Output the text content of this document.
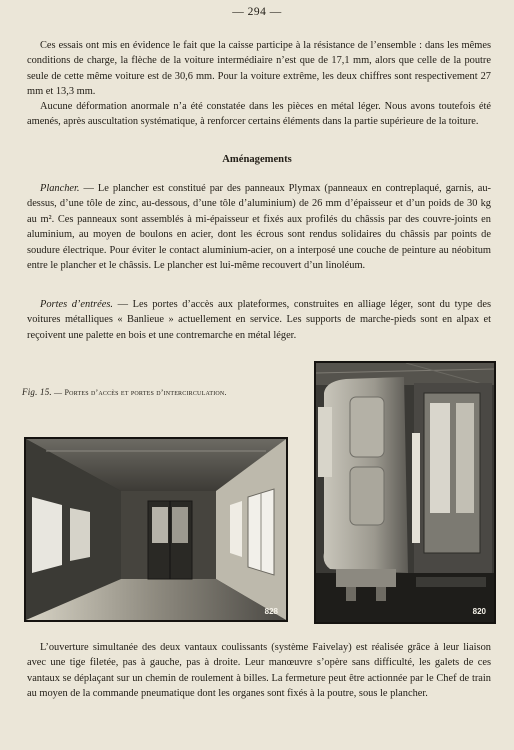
— 294 —

Ces essais ont mis en évidence le fait que la caisse participe à la résistance de l’ensemble : dans les mêmes conditions de charge, la flèche de la voiture intermédiaire n’est que de 17,1 mm, alors que celle de la poutre seule de cette même voiture est de 30,6 mm. Pour la voiture extrême, les deux chiffres sont respectivement 27 mm et 13,3 mm.

Aucune déformation anormale n’a été constatée dans les pièces en métal léger. Nous avons toutefois été amenés, après auscultation systématique, à renforcer certains éléments dans la partie supérieure de la toiture.

Aménagements

Plancher. — Le plancher est constitué par des panneaux Plymax (panneaux en contreplaqué, garnis, au-dessus, d’une tôle de zinc, au-dessous, d’une tôle d’aluminium) de 26 mm d’épaisseur et d’un poids de 30 kg au m². Ces panneaux sont assemblés à mi-épaisseur et fixés aux profilés du châssis par des couvre-joints en aluminium, au moyen de boulons en acier, dont les écrous sont rendus solidaires du châssis par points de soudure électrique. Pour éviter le contact aluminium-acier, on a interposé une couche de peinture au néobitum entre le plancher et le châssis. Le plancher est lui-même recouvert d’un linoléum.

Portes d’entrées. — Les portes d’accès aux plateformes, construites en alliage léger, sont du type des voitures métalliques « Banlieue » actuellement en service. Les supports de marche-pieds sont en alpax et reçoivent une palette en bois et une contremarche en métal léger.

Fig. 15. — Portes d’accès et portes d’intercirculation.
828	820

L’ouverture simultanée des deux vantaux coulissants (système Faivelay) est réalisée grâce à leur liaison avec une tige filetée, pas à gauche, pas à droite. Leur manœuvre s’opère sans difficulté, les galets de ces vantaux se déplaçant sur un chemin de roulement à billes. La fermeture peut être actionnée par le Chef de train au moyen de la commande pneumatique dont les organes sont fixés à la poutre, sous le plancher.
